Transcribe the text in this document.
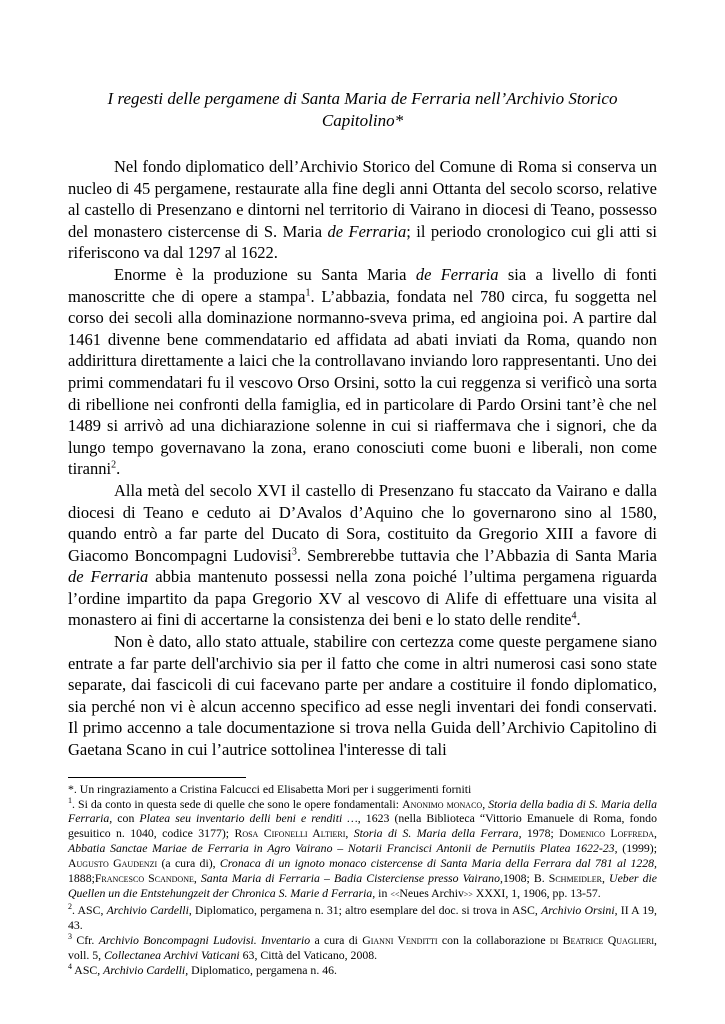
I regesti delle pergamene di Santa Maria de Ferraria nell’Archivio Storico Capitolino*

Nel fondo diplomatico dell’Archivio Storico del Comune di Roma si conserva un nucleo di 45 pergamene, restaurate alla fine degli anni Ottanta del secolo scorso, relative al castello di Presenzano e dintorni nel territorio di Vairano in diocesi di Teano, possesso del monastero cistercense di S. Maria de Ferraria; il periodo cronologico cui gli atti si riferiscono va dal 1297 al 1622.

Enorme è la produzione su Santa Maria de Ferraria sia a livello di fonti manoscritte che di opere a stampa$^1$. L’abbazia, fondata nel 780 circa, fu soggetta nel corso dei secoli alla dominazione normanno-sveva prima, ed angioina poi. A partire dal 1461 divenne bene commendatario ed affidata ad abati inviati da Roma, quando non addirittura direttamente a laici che la controllavano inviando loro rappresentanti. Uno dei primi commendatari fu il vescovo Orso Orsini, sotto la cui reggenza si verificò una sorta di ribellione nei confronti della famiglia, ed in particolare di Pardo Orsini tant’è che nel 1489 si arrivò ad una dichiarazione solenne in cui si riaffermava che i signori, che da lungo tempo governavano la zona, erano conosciuti come buoni e liberali, non come tiranni$^2$.

Alla metà del secolo XVI il castello di Presenzano fu staccato da Vairano e dalla diocesi di Teano e ceduto ai D’Avalos d’Aquino che lo governarono sino al 1580, quando entrò a far parte del Ducato di Sora, costituito da Gregorio XIII a favore di Giacomo Boncompagni Ludovisi$^3$. Sembrerebbe tuttavia che l’Abbazia di Santa Maria de Ferraria abbia mantenuto possessi nella zona poiché l’ultima pergamena riguarda l’ordine impartito da papa Gregorio XV al vescovo di Alife di effettuare una visita al monastero ai fini di accertarne la consistenza dei beni e lo stato delle rendite$^4$.

Non è dato, allo stato attuale, stabilire con certezza come queste pergamene siano entrate a far parte dell'archivio sia per il fatto che come in altri numerosi casi sono state separate, dai fascicoli di cui facevano parte per andare a costituire il fondo diplomatico, sia perché non vi è alcun accenno specifico ad esse negli inventari dei fondi conservati. Il primo accenno a tale documentazione si trova nella Guida dell’Archivio Capitolino di Gaetana Scano in cui l’autrice sottolinea l'interesse di tali

*. Un ringraziamento a Cristina Falcucci ed Elisabetta Mori per i suggerimenti forniti
$^1$. Si da conto in questa sede di quelle che sono le opere fondamentali: Anonimo monaco, Storia della badia di S. Maria della Ferraria, con Platea seu inventario delli beni e renditi …, 1623 (nella Biblioteca “Vittorio Emanuele di Roma, fondo gesuitico n. 1040, codice 3177); Rosa Cifonelli Altieri, Storia di S. Maria della Ferrara, 1978; Domenico Loffreda, Abbatia Sanctae Mariae de Ferraria in Agro Vairano – Notarii Francisci Antonii de Pernutiis Platea 1622-23, (1999); Augusto Gaudenzi (a cura di), Cronaca di un ignoto monaco cistercense di Santa Maria della Ferrara dal 781 al 1228, 1888;Francesco Scandone, Santa Maria di Ferraria – Badia Cisterciense presso Vairano,1908; B. Schmeidler, Ueber die Quellen un die Entstehungzeit der Chronica S. Marie d Ferraria, in <<Neues Archiv>> XXXI, 1, 1906, pp. 13-57.
$^2$. ASC, Archivio Cardelli, Diplomatico, pergamena n. 31; altro esemplare del doc. si trova in ASC, Archivio Orsini, II A 19, 43.
$^3$ Cfr. Archivio Boncompagni Ludovisi. Inventario a cura di Gianni Venditti con la collaborazione di Beatrice Quaglieri, voll. 5, Collectanea Archivi Vaticani 63, Città del Vaticano, 2008.
$^4$ ASC, Archivio Cardelli, Diplomatico, pergamena n. 46.
